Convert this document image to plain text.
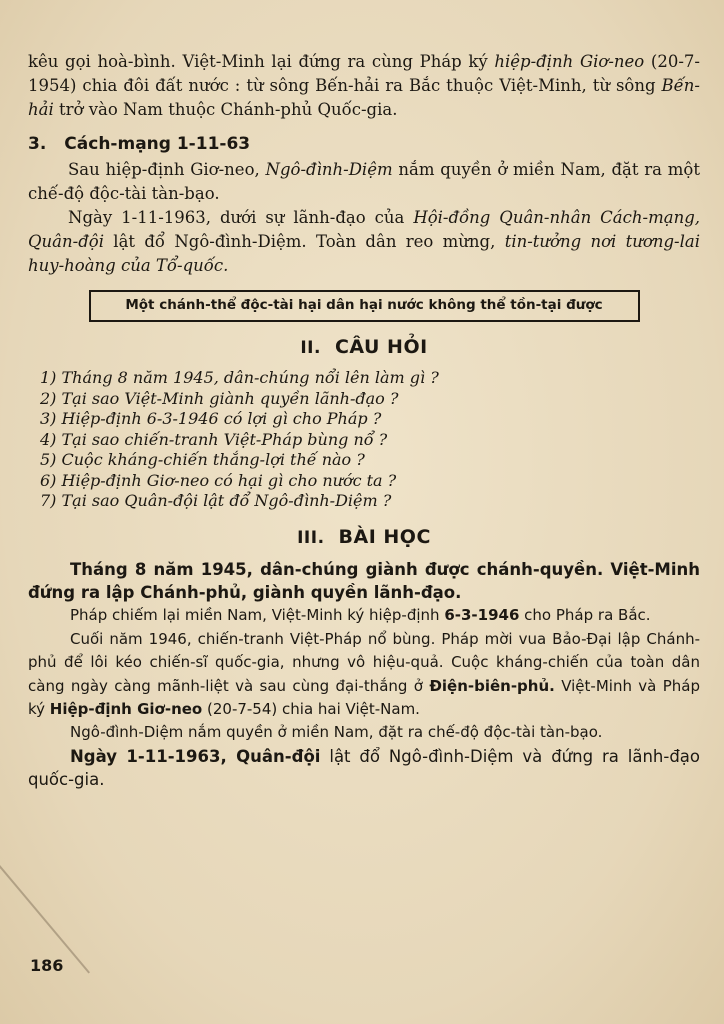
kêu gọi hoà-bình. Việt-Minh lại đứng ra cùng Pháp ký hiệp-định Giơ-neo (20-7-1954) chia đôi đất nước : từ sông Bến-hải ra Bắc thuộc Việt-Minh, từ sông Bến-hải trở vào Nam thuộc Chánh-phủ Quốc-gia.

3. Cách-mạng 1-11-63

Sau hiệp-định Giơ-neo, Ngô-đình-Diệm nắm quyền ở miền Nam, đặt ra một chế-độ độc-tài tàn-bạo.

Ngày 1-11-1963, dưới sự lãnh-đạo của Hội-đồng Quân-nhân Cách-mạng, Quân-đội lật đổ Ngô-đình-Diệm. Toàn dân reo mừng, tin-tưởng nơi tương-lai huy-hoàng của Tổ-quốc.

Một chánh-thể độc-tài hại dân hại nước không thể tồn-tại được
II. CÂU HỎI
1) Tháng 8 năm 1945, dân-chúng nổi lên làm gì ?
2) Tại sao Việt-Minh giành quyền lãnh-đạo ?
3) Hiệp-định 6-3-1946 có lợi gì cho Pháp ?
4) Tại sao chiến-tranh Việt-Pháp bùng nổ ?
5) Cuộc kháng-chiến thắng-lợi thế nào ?
6) Hiệp-định Giơ-neo có hại gì cho nước ta ?
7) Tại sao Quân-đội lật đổ Ngô-đình-Diệm ?
III. BÀI HỌC

Tháng 8 năm 1945, dân-chúng giành được chánh-quyền. Việt-Minh đứng ra lập Chánh-phủ, giành quyền lãnh-đạo.

Pháp chiếm lại miền Nam, Việt-Minh ký hiệp-định 6-3-1946 cho Pháp ra Bắc.

Cuối năm 1946, chiến-tranh Việt-Pháp nổ bùng. Pháp mời vua Bảo-Đại lập Chánh-phủ để lôi kéo chiến-sĩ quốc-gia, nhưng vô hiệu-quả. Cuộc kháng-chiến của toàn dân càng ngày càng mãnh-liệt và sau cùng đại-thắng ở Điện-biên-phủ. Việt-Minh và Pháp ký Hiệp-định Giơ-neo (20-7-54) chia hai Việt-Nam.

Ngô-đình-Diệm nắm quyền ở miền Nam, đặt ra chế-độ độc-tài tàn-bạo.

Ngày 1-11-1963, Quân-đội lật đổ Ngô-đình-Diệm và đứng ra lãnh-đạo quốc-gia.

186
